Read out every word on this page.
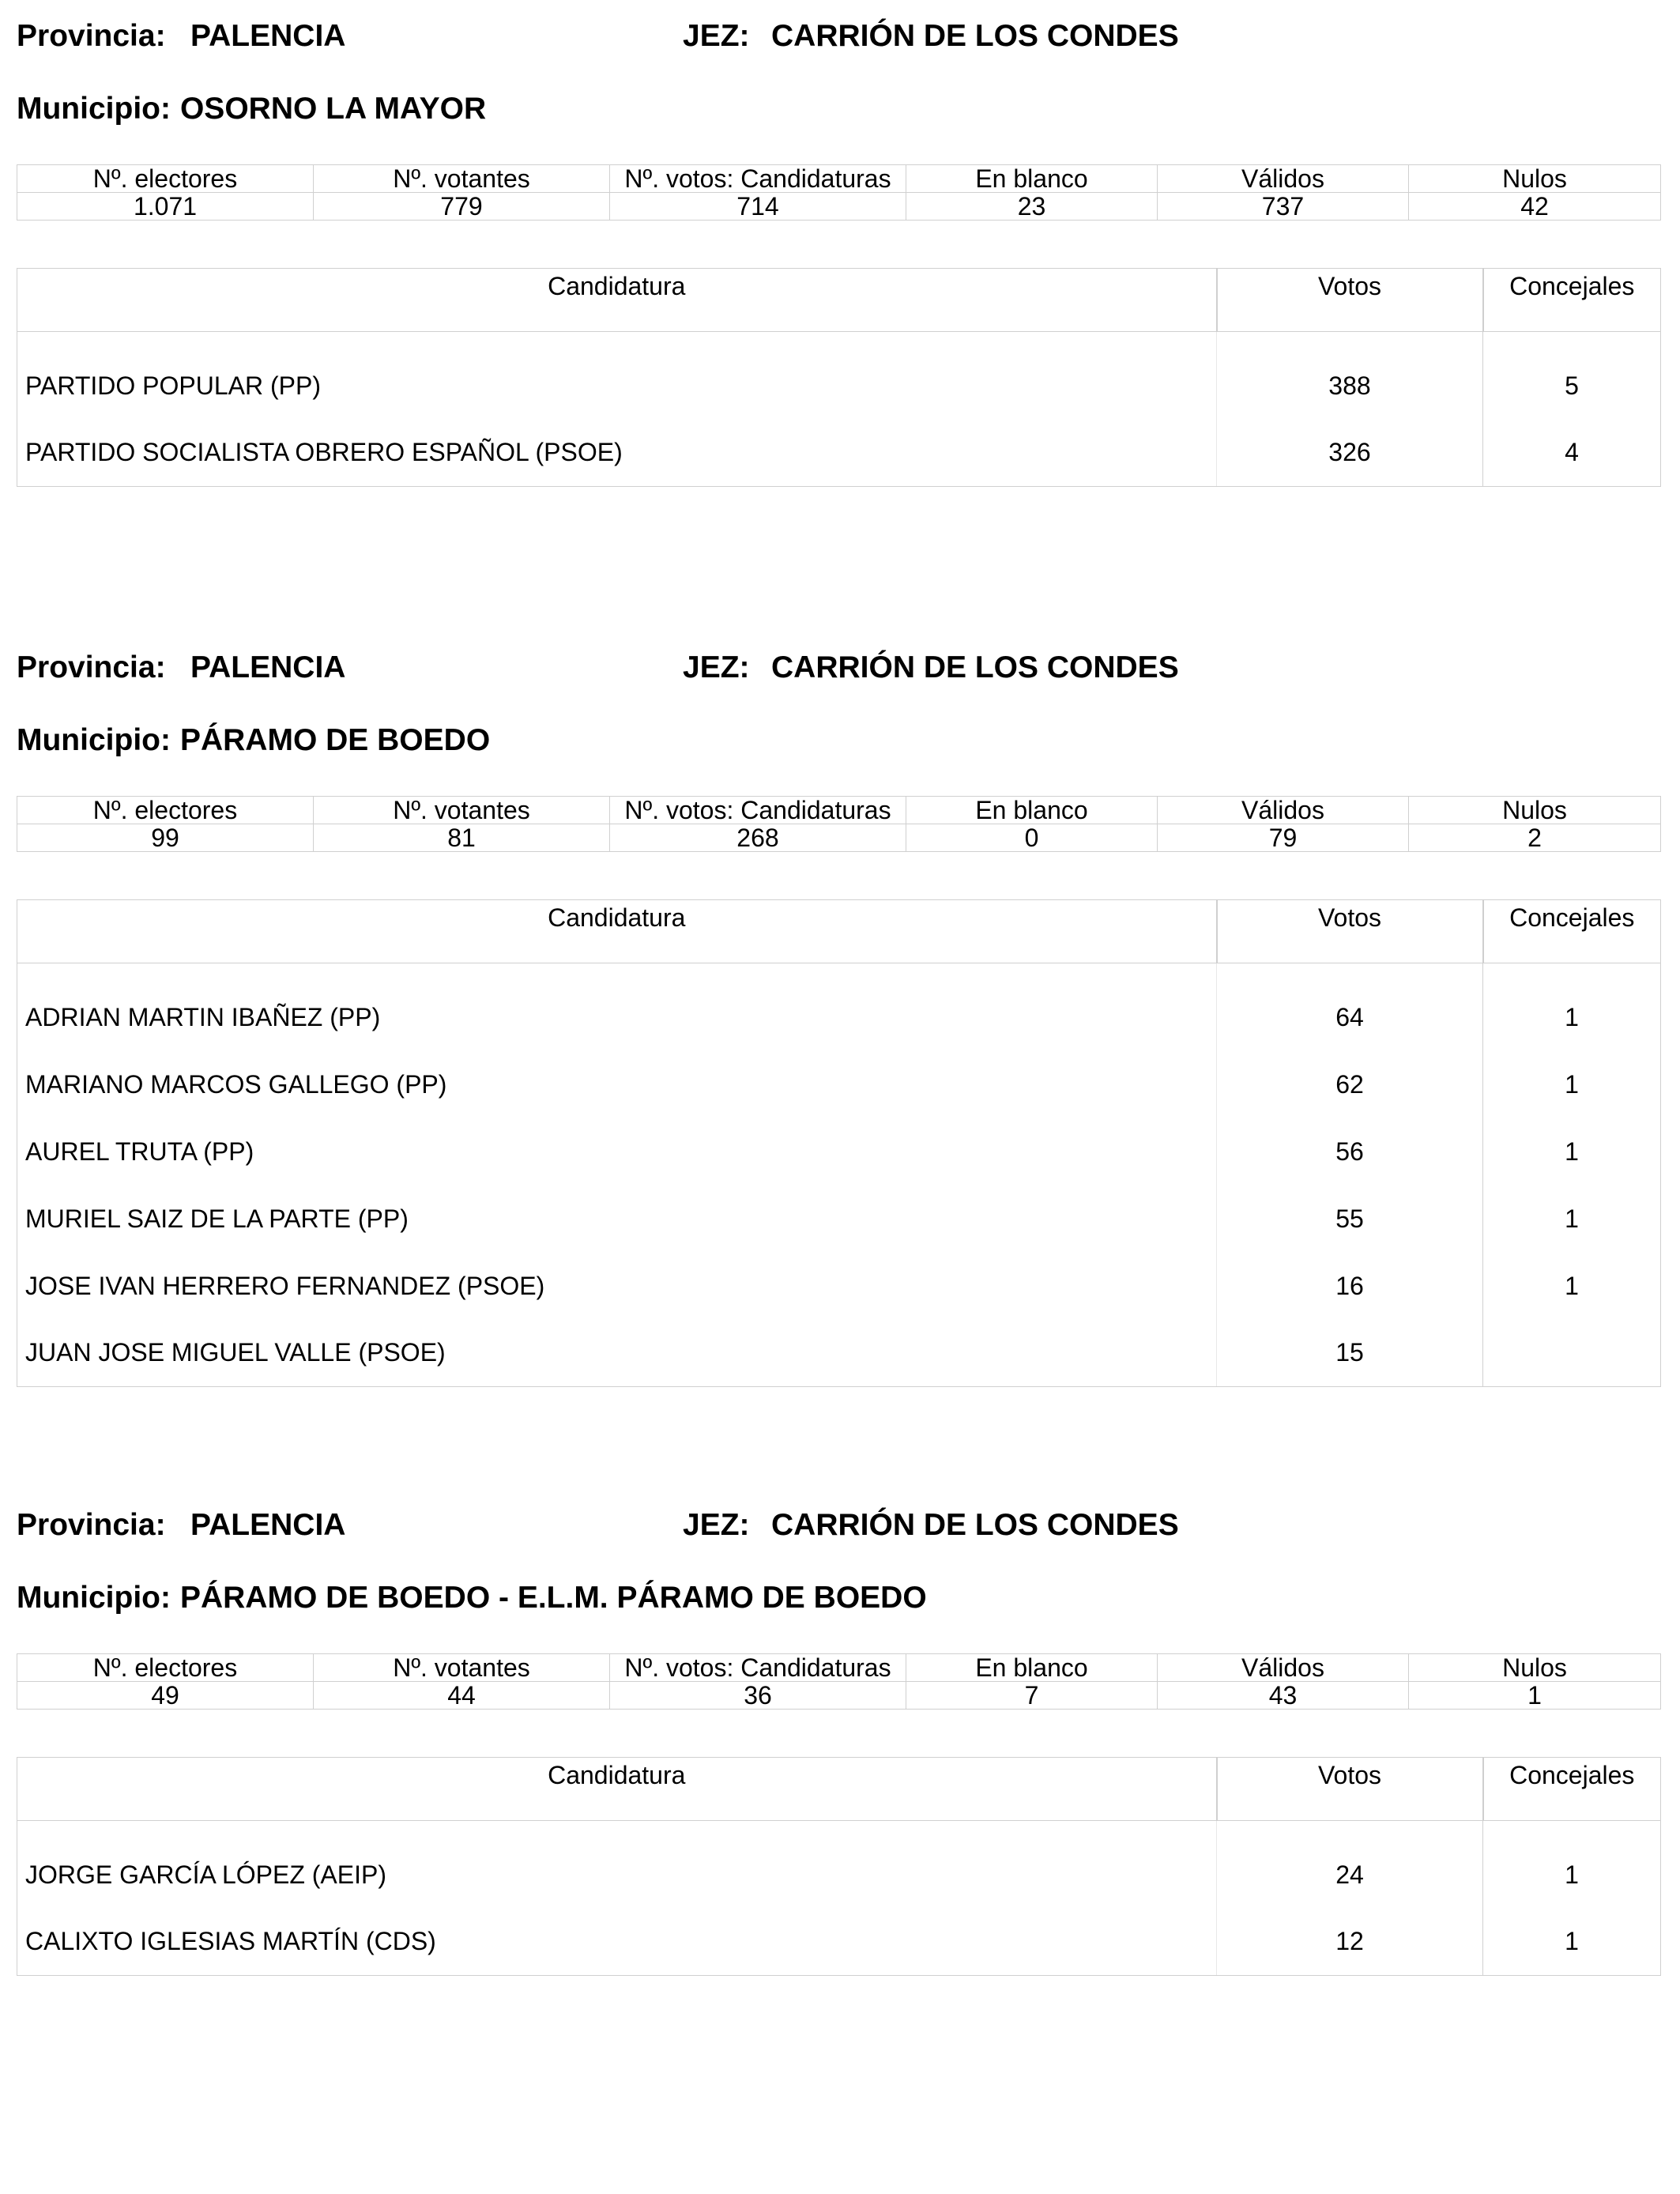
Provincia: PALENCIA	JEZ: CARRIÓN DE LOS CONDES
Municipio: OSORNO LA MAYOR
Nº. electores	Nº. votantes	Nº. votos: Candidaturas	En blanco	Válidos	Nulos
1.071	779	714	23	737	42
Candidatura	Votos	Concejales

PARTIDO POPULAR (PP)	388	5
PARTIDO SOCIALISTA OBRERO ESPAÑOL (PSOE)	326	4
Provincia: PALENCIA	JEZ: CARRIÓN DE LOS CONDES
Municipio: PÁRAMO DE BOEDO
Nº. electores	Nº. votantes	Nº. votos: Candidaturas	En blanco	Válidos	Nulos
99	81	268	0	79	2
Candidatura	Votos	Concejales

ADRIAN MARTIN IBAÑEZ (PP)	64	1
MARIANO MARCOS GALLEGO (PP)	62	1
AUREL TRUTA (PP)	56	1
MURIEL SAIZ DE LA PARTE (PP)	55	1
JOSE IVAN HERRERO FERNANDEZ (PSOE)	16	1
JUAN JOSE MIGUEL VALLE (PSOE)	15	
Provincia: PALENCIA	JEZ: CARRIÓN DE LOS CONDES
Municipio: PÁRAMO DE BOEDO - E.L.M. PÁRAMO DE BOEDO
Nº. electores	Nº. votantes	Nº. votos: Candidaturas	En blanco	Válidos	Nulos
49	44	36	7	43	1
Candidatura	Votos	Concejales

JORGE GARCÍA LÓPEZ (AEIP)	24	1
CALIXTO IGLESIAS MARTÍN (CDS)	12	1
